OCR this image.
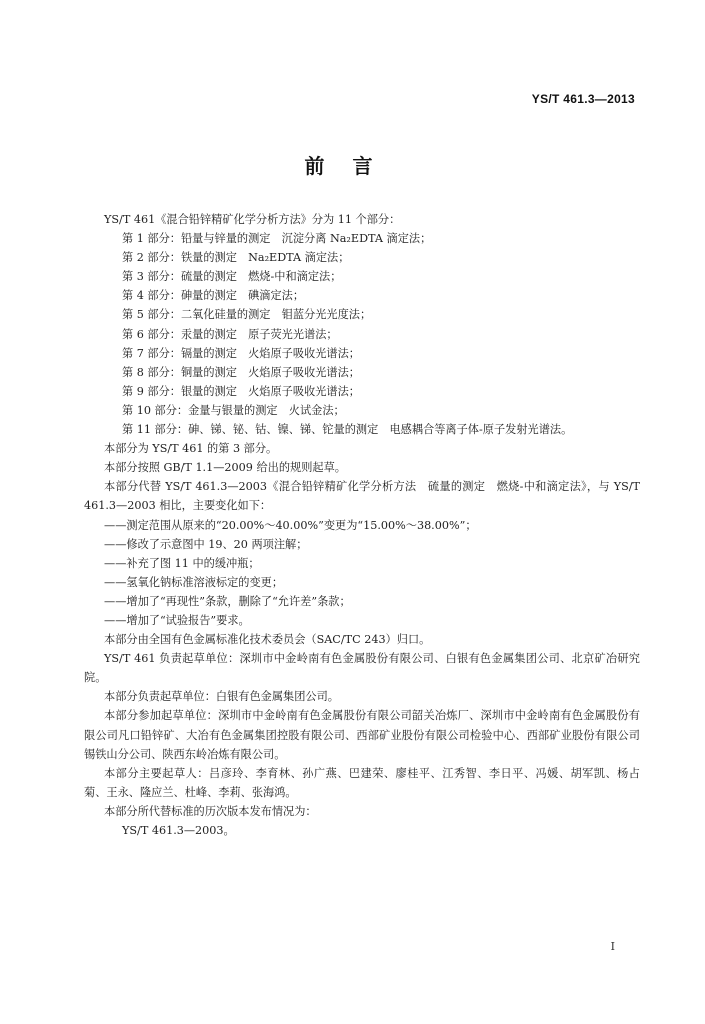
YS/T 461.3—2013
前言

YS/T 461《混合铅锌精矿化学分析方法》分为 11 个部分：

第 1 部分：铅量与锌量的测定　沉淀分离 Na₂EDTA 滴定法；

第 2 部分：铁量的测定　Na₂EDTA 滴定法；

第 3 部分：硫量的测定　燃烧-中和滴定法；

第 4 部分：砷量的测定　碘滴定法；

第 5 部分：二氧化硅量的测定　钼蓝分光光度法；

第 6 部分：汞量的测定　原子荧光光谱法；

第 7 部分：镉量的测定　火焰原子吸收光谱法；

第 8 部分：铜量的测定　火焰原子吸收光谱法；

第 9 部分：银量的测定　火焰原子吸收光谱法；

第 10 部分：金量与银量的测定　火试金法；

第 11 部分：砷、锑、铋、钴、镍、锑、铊量的测定　电感耦合等离子体-原子发射光谱法。

本部分为 YS/T 461 的第 3 部分。

本部分按照 GB/T 1.1—2009 给出的规则起草。

本部分代替 YS/T 461.3—2003《混合铅锌精矿化学分析方法　硫量的测定　燃烧-中和滴定法》，与 YS/T 461.3—2003 相比，主要变化如下：

——测定范围从原来的“20.00%～40.00%”变更为“15.00%～38.00%”；

——修改了示意图中 19、20 两项注解；

——补充了图 11 中的缓冲瓶；

——氢氧化钠标准溶液标定的变更；

——增加了“再现性”条款，删除了“允许差”条款；

——增加了“试验报告”要求。

本部分由全国有色金属标准化技术委员会（SAC/TC 243）归口。

YS/T 461 负责起草单位：深圳市中金岭南有色金属股份有限公司、白银有色金属集团公司、北京矿冶研究院。

本部分负责起草单位：白银有色金属集团公司。

本部分参加起草单位：深圳市中金岭南有色金属股份有限公司韶关冶炼厂、深圳市中金岭南有色金属股份有限公司凡口铅锌矿、大冶有色金属集团控股有限公司、西部矿业股份有限公司检验中心、西部矿业股份有限公司锡铁山分公司、陕西东岭冶炼有限公司。

本部分主要起草人：吕彦玲、李育林、孙广燕、巴建荣、廖桂平、江秀智、李日平、冯媛、胡军凯、杨占菊、王永、隆应兰、杜峰、李莉、张海鸿。

本部分所代替标准的历次版本发布情况为：

YS/T 461.3—2003。

I
